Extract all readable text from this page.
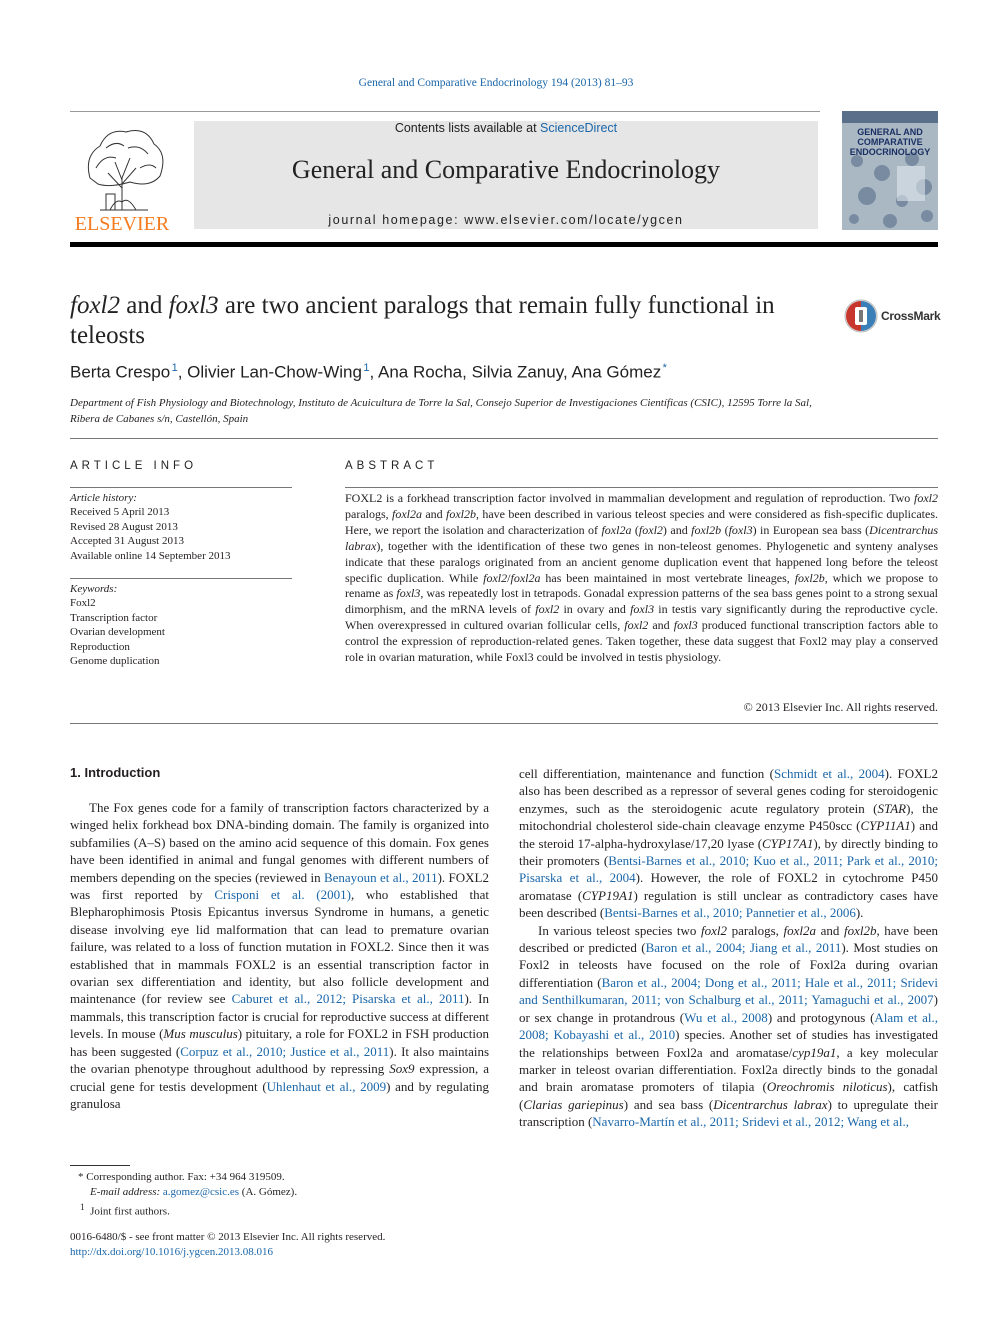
General and Comparative Endocrinology 194 (2013) 81–93
ELSEVIER
Contents lists available at ScienceDirect
General and Comparative Endocrinology
journal homepage: www.elsevier.com/locate/ygcen
GENERAL AND COMPARATIVE ENDOCRINOLOGY
foxl2 and foxl3 are two ancient paralogs that remain fully functional in teleosts
CrossMark
Berta Crespo $^1$, Olivier Lan-Chow-Wing $^1$, Ana Rocha, Silvia Zanuy, Ana Gómez *
Department of Fish Physiology and Biotechnology, Instituto de Acuicultura de Torre la Sal, Consejo Superior de Investigaciones Científicas (CSIC), 12595 Torre la Sal,
Ribera de Cabanes s/n, Castellón, Spain
ARTICLE INFO
Article history:
Received 5 April 2013
Revised 28 August 2013
Accepted 31 August 2013
Available online 14 September 2013
Keywords:
Foxl2
Transcription factor
Ovarian development
Reproduction
Genome duplication
ABSTRACT
FOXL2 is a forkhead transcription factor involved in mammalian development and regulation of reproduction. Two foxl2 paralogs, foxl2a and foxl2b, have been described in various teleost species and were considered as fish-specific duplicates. Here, we report the isolation and characterization of foxl2a (foxl2) and foxl2b (foxl3) in European sea bass (Dicentrarchus labrax), together with the identification of these two genes in non-teleost genomes. Phylogenetic and synteny analyses indicate that these paralogs originated from an ancient genome duplication event that happened long before the teleost specific duplication. While foxl2/foxl2a has been maintained in most vertebrate lineages, foxl2b, which we propose to rename as foxl3, was repeatedly lost in tetrapods. Gonadal expression patterns of the sea bass genes point to a strong sexual dimorphism, and the mRNA levels of foxl2 in ovary and foxl3 in testis vary significantly during the reproductive cycle. When overexpressed in cultured ovarian follicular cells, foxl2 and foxl3 produced functional transcription factors able to control the expression of reproduction-related genes. Taken together, these data suggest that Foxl2 may play a conserved role in ovarian maturation, while Foxl3 could be involved in testis physiology.
© 2013 Elsevier Inc. All rights reserved.
1. Introduction

The Fox genes code for a family of transcription factors characterized by a winged helix forkhead box DNA-binding domain. The family is organized into subfamilies (A–S) based on the amino acid sequence of this domain. Fox genes have been identified in animal and fungal genomes with different numbers of members depending on the species (reviewed in Benayoun et al., 2011). FOXL2 was first reported by Crisponi et al. (2001), who established that Blepharophimosis Ptosis Epicantus inversus Syndrome in humans, a genetic disease involving eye lid malformation that can lead to premature ovarian failure, was related to a loss of function mutation in FOXL2. Since then it was established that in mammals FOXL2 is an essential transcription factor in ovarian sex differentiation and identity, but also follicle development and maintenance (for review see Caburet et al., 2012; Pisarska et al., 2011). In mammals, this transcription factor is crucial for reproductive success at different levels. In mouse (Mus musculus) pituitary, a role for FOXL2 in FSH production has been suggested (Corpuz et al., 2010; Justice et al., 2011). It also maintains the ovarian phenotype throughout adulthood by repressing Sox9 expression, a crucial gene for testis development (Uhlenhaut et al., 2009) and by regulating granulosa

* Corresponding author. Fax: +34 964 319509.
E-mail address: a.gomez@csic.es (A. Gómez).
$^1$ Joint first authors.
0016-6480/$ - see front matter © 2013 Elsevier Inc. All rights reserved.
http://dx.doi.org/10.1016/j.ygcen.2013.08.016

cell differentiation, maintenance and function (Schmidt et al., 2004). FOXL2 also has been described as a repressor of several genes coding for steroidogenic enzymes, such as the steroidogenic acute regulatory protein (STAR), the mitochondrial cholesterol side-chain cleavage enzyme P450scc (CYP11A1) and the steroid 17-alpha-hydroxylase/17,20 lyase (CYP17A1), by directly binding to their promoters (Bentsi-Barnes et al., 2010; Kuo et al., 2011; Park et al., 2010; Pisarska et al., 2004). However, the role of FOXL2 in cytochrome P450 aromatase (CYP19A1) regulation is still unclear as contradictory cases have been described (Bentsi-Barnes et al., 2010; Pannetier et al., 2006).

In various teleost species two foxl2 paralogs, foxl2a and foxl2b, have been described or predicted (Baron et al., 2004; Jiang et al., 2011). Most studies on Foxl2 in teleosts have focused on the role of Foxl2a during ovarian differentiation (Baron et al., 2004; Dong et al., 2011; Hale et al., 2011; Sridevi and Senthilkumaran, 2011; von Schalburg et al., 2011; Yamaguchi et al., 2007) or sex change in protandrous (Wu et al., 2008) and protogynous (Alam et al., 2008; Kobayashi et al., 2010) species. Another set of studies has investigated the relationships between Foxl2a and aromatase/cyp19a1, a key molecular marker in teleost ovarian differentiation. Foxl2a directly binds to the gonadal and brain aromatase promoters of tilapia (Oreochromis niloticus), catfish (Clarias gariepinus) and sea bass (Dicentrarchus labrax) to upregulate their transcription (Navarro-Martín et al., 2011; Sridevi et al., 2012; Wang et al.,
